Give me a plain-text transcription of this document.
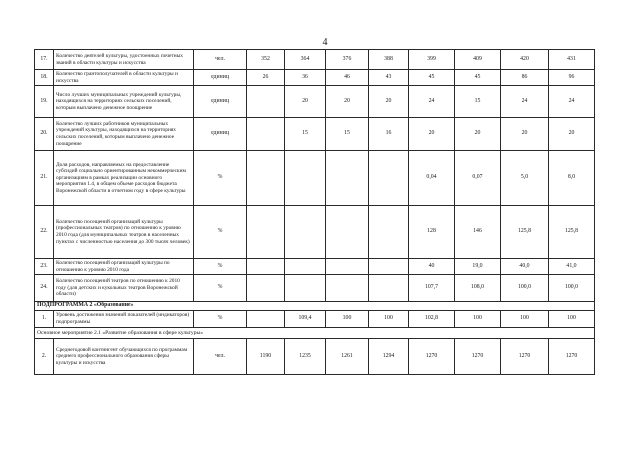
4
17.	Количество деятелей культуры, удостоенных почетных званий в области культуры и искусства	чел.	352	364	376	388	399	409	420	431
18.	Количество грантополучателей в области культуры и искусства	единиц	26	36	46	43	45	45	86	96
19.	Число лучших муниципальных учреждений культуры, находящихся на территориях сельских поселений, которым выплачено денежное поощрение	единиц		20	20	20	24	15	24	24
20.	Количество лучших работников муниципальных учреждений культуры, находящихся на территориях сельских поселений, которым выплачено денежное поощрение	единиц		15	15	16	20	20	20	20
21.	Доля расходов, направляемых на предоставление субсидий социально ориентированным некоммерческим организациям в рамках реализации основного мероприятия 1.4, в общем объеме расходов бюджета Воронежской области в отчетном году в сфере культуры	%					0,04	0,07	5,0	8,0
22.	Количество посещений организаций культуры (профессиональных театров) по отношению к уровню 2010 года (для муниципальных театров в населенных пунктах с численностью населения до 300 тысяч человек)	%					128	146	125,8	125,8
23.	Количество посещений организаций культуры по отношению к уровню 2010 года	%					40	19,0	40,0	41,0
24.	Количество посещений театров по отношению к 2010 году (для детских и кукольных театров Воронежской области)	%					107,7	108,0	100,0	100,0
ПОДПРОГРАММА 2 «Образование»										
1.	Уровень достижения значений показателей (индикаторов) подпрограммы	%		109,4	100	100	102,8	100	100	100
Основное мероприятие 2.1 «Развитие образования в сфере культуры»										
2.	Среднегодовой контингент обучающихся по программам среднего профессионального образования сферы культуры и искусства	чел.	1190	1235	1261	1294	1270	1270	1270	1270
